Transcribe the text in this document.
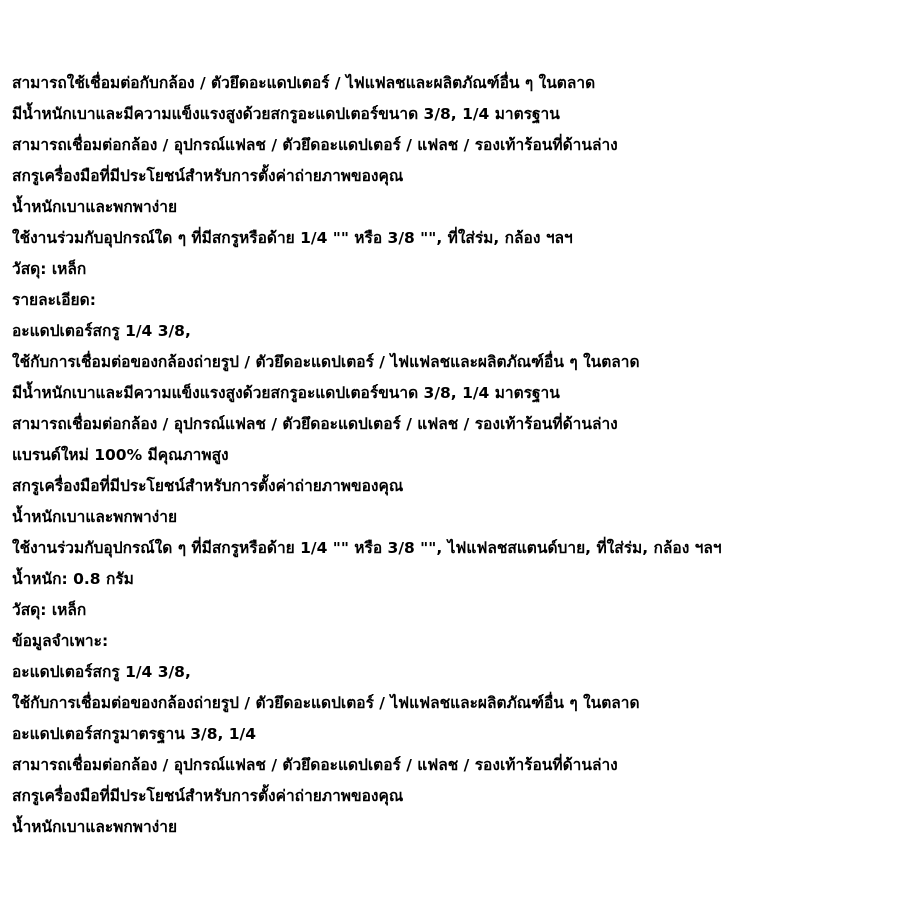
สามารถใช้เชื่อมต่อกับกล้อง / ตัวยึดอะแดปเตอร์ / ไฟแฟลชและผลิตภัณฑ์อื่น ๆ ในตลาด
มีน้ำหนักเบาและมีความแข็งแรงสูงด้วยสกรูอะแดปเตอร์ขนาด 3/8, 1/4 มาตรฐาน
สามารถเชื่อมต่อกล้อง / อุปกรณ์แฟลช / ตัวยึดอะแดปเตอร์ / แฟลช / รองเท้าร้อนที่ด้านล่าง
สกรูเครื่องมือที่มีประโยชน์สำหรับการตั้งค่าถ่ายภาพของคุณ
น้ำหนักเบาและพกพาง่าย
ใช้งานร่วมกับอุปกรณ์ใด ๆ ที่มีสกรูหรือด้าย 1/4 "" หรือ 3/8 "", ที่ใส่ร่ม, กล้อง ฯลฯ
วัสดุ: เหล็ก
รายละเอียด:
อะแดปเตอร์สกรู 1/4 3/8,
ใช้กับการเชื่อมต่อของกล้องถ่ายรูป / ตัวยึดอะแดปเตอร์ / ไฟแฟลชและผลิตภัณฑ์อื่น ๆ ในตลาด
มีน้ำหนักเบาและมีความแข็งแรงสูงด้วยสกรูอะแดปเตอร์ขนาด 3/8, 1/4 มาตรฐาน
สามารถเชื่อมต่อกล้อง / อุปกรณ์แฟลช / ตัวยึดอะแดปเตอร์ / แฟลช / รองเท้าร้อนที่ด้านล่าง
แบรนด์ใหม่ 100% มีคุณภาพสูง
สกรูเครื่องมือที่มีประโยชน์สำหรับการตั้งค่าถ่ายภาพของคุณ
น้ำหนักเบาและพกพาง่าย
ใช้งานร่วมกับอุปกรณ์ใด ๆ ที่มีสกรูหรือด้าย 1/4 "" หรือ 3/8 "", ไฟแฟลชสแตนด์บาย, ที่ใส่ร่ม, กล้อง ฯลฯ
น้ำหนัก: 0.8 กรัม
วัสดุ: เหล็ก
ข้อมูลจำเพาะ:
อะแดปเตอร์สกรู 1/4 3/8,
ใช้กับการเชื่อมต่อของกล้องถ่ายรูป / ตัวยึดอะแดปเตอร์ / ไฟแฟลชและผลิตภัณฑ์อื่น ๆ ในตลาด
อะแดปเตอร์สกรูมาตรฐาน 3/8, 1/4
สามารถเชื่อมต่อกล้อง / อุปกรณ์แฟลช / ตัวยึดอะแดปเตอร์ / แฟลช / รองเท้าร้อนที่ด้านล่าง
สกรูเครื่องมือที่มีประโยชน์สำหรับการตั้งค่าถ่ายภาพของคุณ
น้ำหนักเบาและพกพาง่าย
